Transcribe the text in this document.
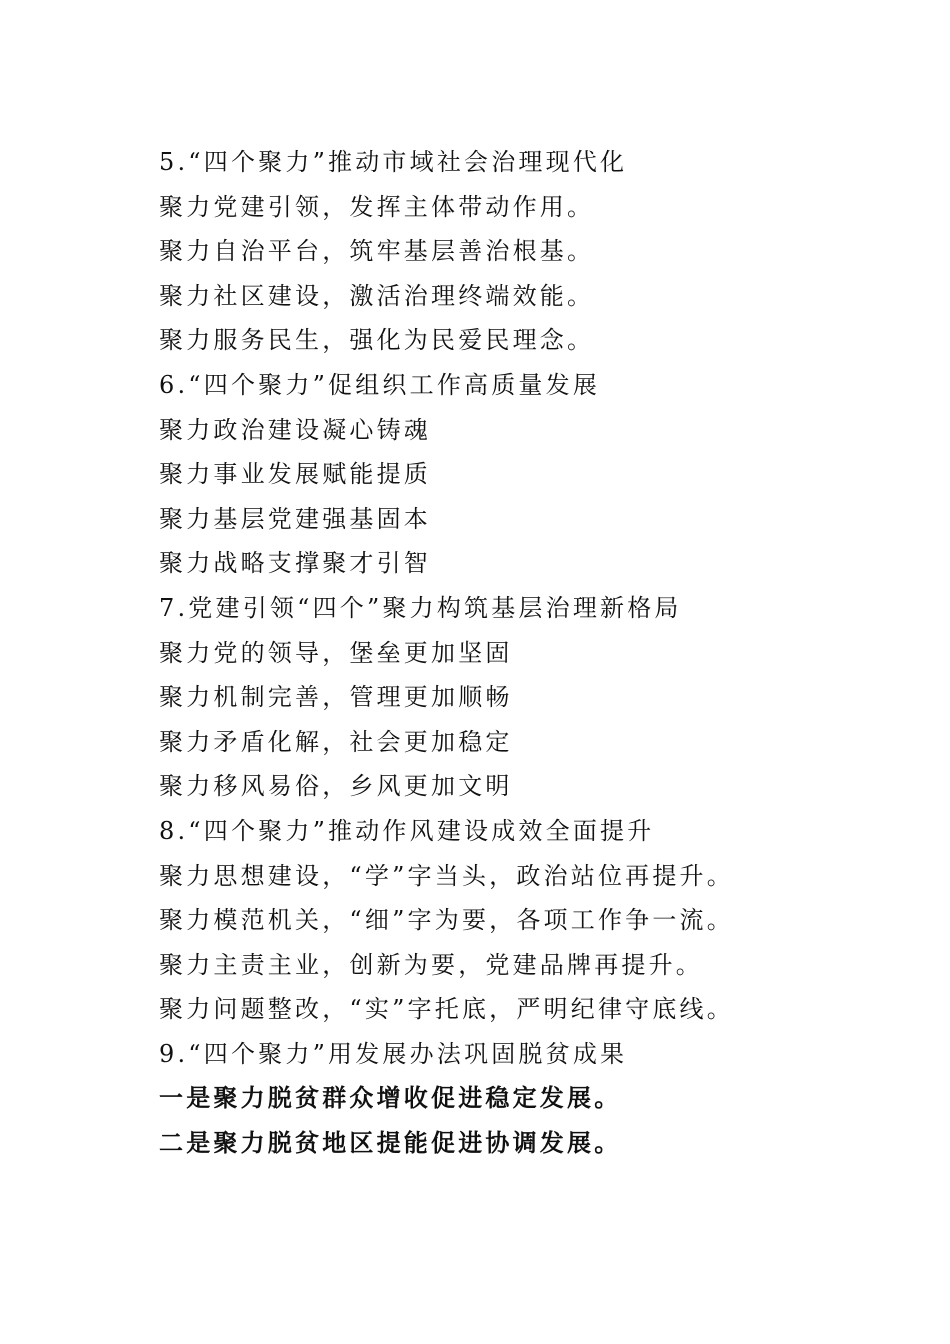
5.“四个聚力”推动市域社会治理现代化
聚力党建引领，发挥主体带动作用。
聚力自治平台，筑牢基层善治根基。
聚力社区建设，激活治理终端效能。
聚力服务民生，强化为民爱民理念。
6.“四个聚力”促组织工作高质量发展
聚力政治建设凝心铸魂
聚力事业发展赋能提质
聚力基层党建强基固本
聚力战略支撑聚才引智
7.党建引领“四个”聚力构筑基层治理新格局
聚力党的领导，堡垒更加坚固
聚力机制完善，管理更加顺畅
聚力矛盾化解，社会更加稳定
聚力移风易俗，乡风更加文明
8.“四个聚力”推动作风建设成效全面提升
聚力思想建设，“学”字当头，政治站位再提升。
聚力模范机关，“细”字为要，各项工作争一流。
聚力主责主业，创新为要，党建品牌再提升。
聚力问题整改，“实”字托底，严明纪律守底线。
9.“四个聚力”用发展办法巩固脱贫成果
一是聚力脱贫群众增收促进稳定发展。
二是聚力脱贫地区提能促进协调发展。
